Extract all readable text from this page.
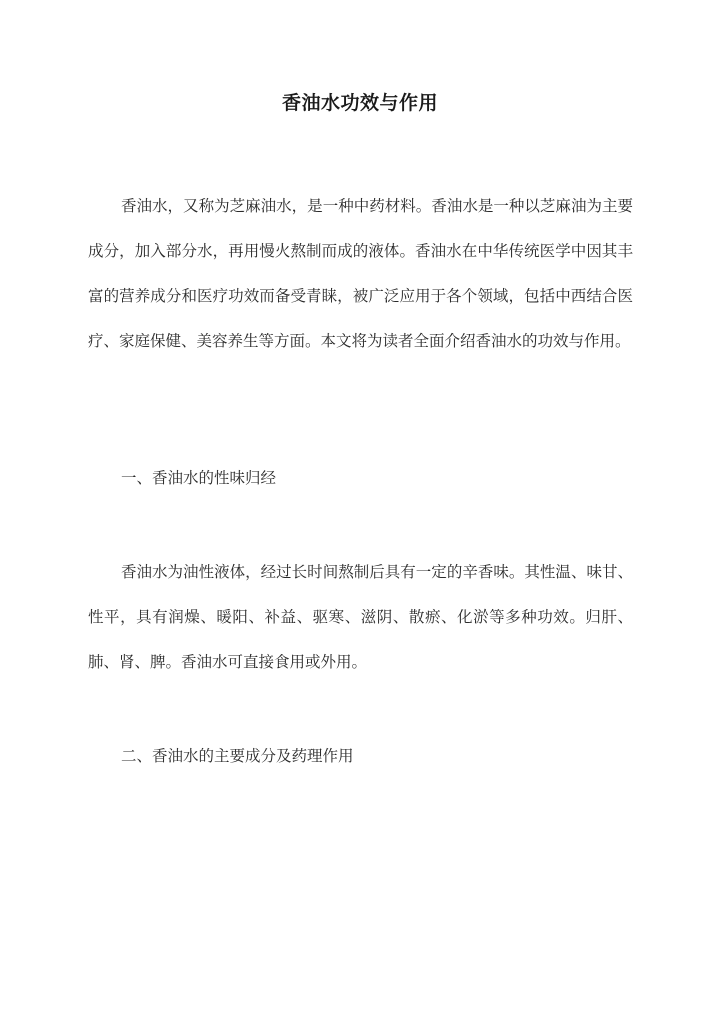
香油水功效与作用

香油水，又称为芝麻油水，是一种中药材料。香油水是一种以芝麻油为主要成分，加入部分水，再用慢火熬制而成的液体。香油水在中华传统医学中因其丰富的营养成分和医疗功效而备受青睐，被广泛应用于各个领域，包括中西结合医疗、家庭保健、美容养生等方面。本文将为读者全面介绍香油水的功效与作用。

一、香油水的性味归经

香油水为油性液体，经过长时间熬制后具有一定的辛香味。其性温、味甘、性平，具有润燥、暖阳、补益、驱寒、滋阴、散瘀、化淤等多种功效。归肝、肺、肾、脾。香油水可直接食用或外用。

二、香油水的主要成分及药理作用
